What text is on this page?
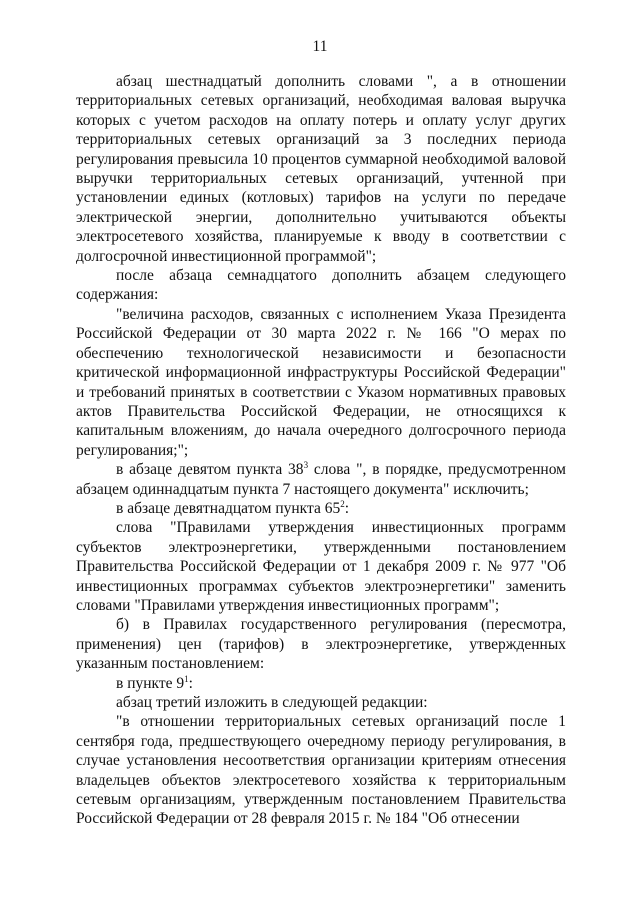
11

абзац шестнадцатый дополнить словами ", а в отношении территориальных сетевых организаций, необходимая валовая выручка которых с учетом расходов на оплату потерь и оплату услуг других территориальных сетевых организаций за 3 последних периода регулирования превысила 10 процентов суммарной необходимой валовой выручки территориальных сетевых организаций, учтенной при установлении единых (котловых) тарифов на услуги по передаче электрической энергии, дополнительно учитываются объекты электросетевого хозяйства, планируемые к вводу в соответствии с долгосрочной инвестиционной программой";

после абзаца семнадцатого дополнить абзацем следующего содержания:

"величина расходов, связанных с исполнением Указа Президента Российской Федерации от 30 марта 2022 г. № 166 "О мерах по обеспечению технологической независимости и безопасности критической информационной инфраструктуры Российской Федерации" и требований принятых в соответствии с Указом нормативных правовых актов Правительства Российской Федерации, не относящихся к капитальным вложениям, до начала очередного долгосрочного периода регулирования;";

в абзаце девятом пункта $38^3$ слова ", в порядке, предусмотренном абзацем одиннадцатым пункта 7 настоящего документа" исключить;

в абзаце девятнадцатом пункта $65^2$:

слова "Правилами утверждения инвестиционных программ субъектов электроэнергетики, утвержденными постановлением Правительства Российской Федерации от 1 декабря 2009 г. № 977 "Об инвестиционных программах субъектов электроэнергетики" заменить словами "Правилами утверждения инвестиционных программ";

б) в Правилах государственного регулирования (пересмотра, применения) цен (тарифов) в электроэнергетике, утвержденных указанным постановлением:

в пункте $9^1$:

абзац третий изложить в следующей редакции:

"в отношении территориальных сетевых организаций после 1 сентября года, предшествующего очередному периоду регулирования, в случае установления несоответствия организации критериям отнесения владельцев объектов электросетевого хозяйства к территориальным сетевым организациям, утвержденным постановлением Правительства Российской Федерации от 28 февраля 2015 г. № 184 "Об отнесении
